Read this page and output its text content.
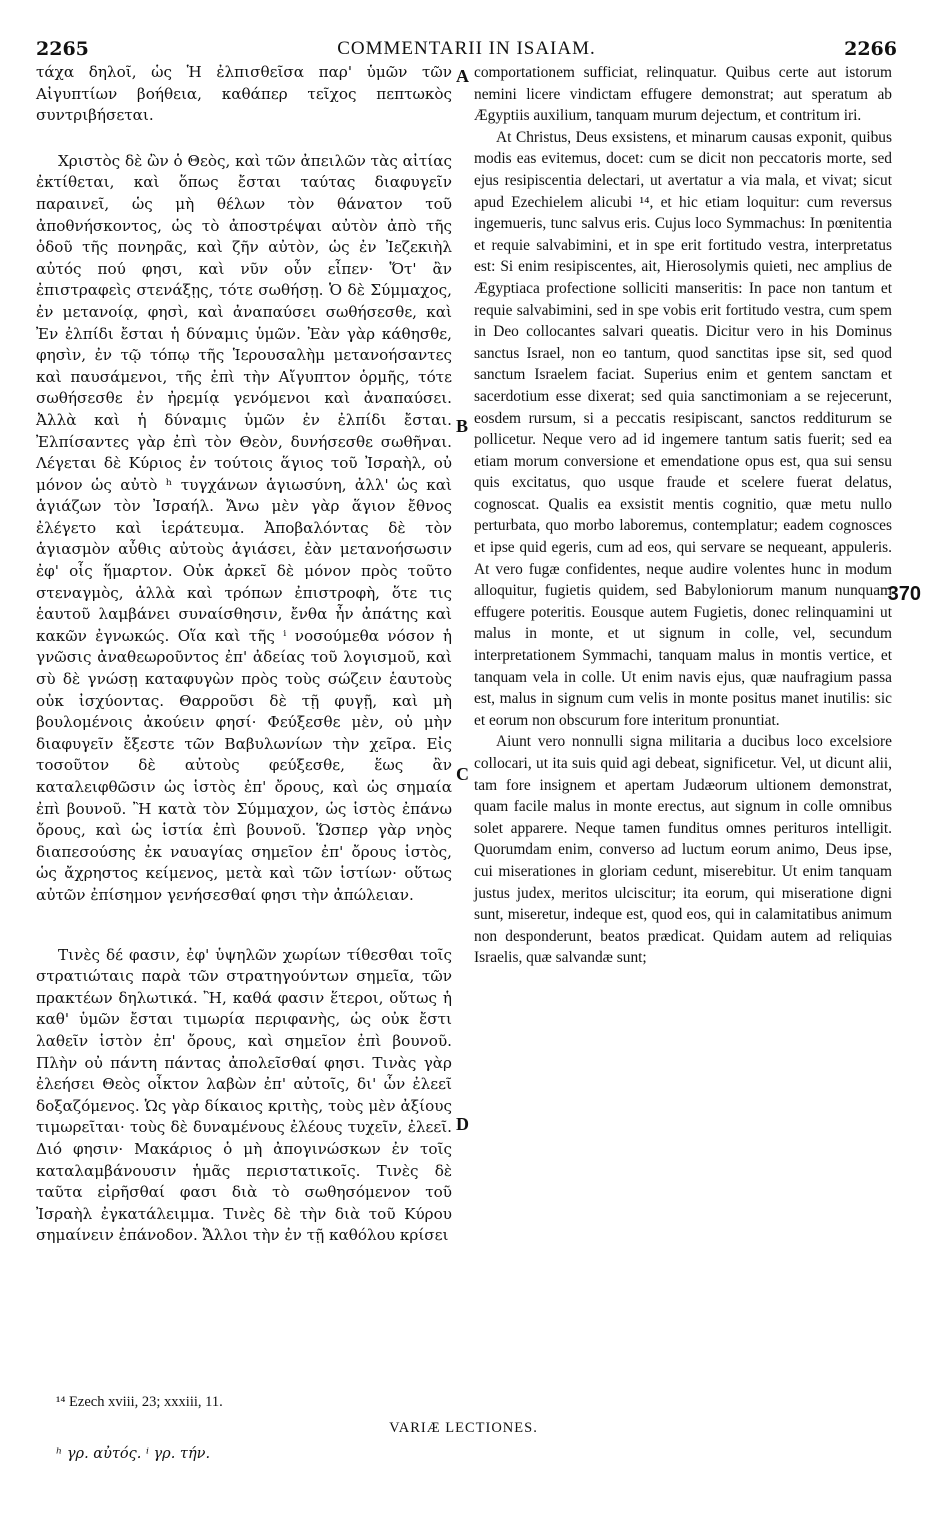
2265	COMMENTARII IN ISAIAM.	2266

τάχα δηλοῖ, ὡς Ἡ ἐλπισθεῖσα παρ' ὑμῶν τῶν Αἰγυπτίων βοήθεια, καθάπερ τεῖχος πεπτωκὸς συντριβήσεται.

Χριστὸς δὲ ὢν ὁ Θεὸς, καὶ τῶν ἀπειλῶν τὰς αἰτίας ἐκτίθεται, καὶ ὅπως ἔσται ταύτας διαφυγεῖν παραινεῖ, ὡς μὴ θέλων τὸν θάνατον τοῦ ἀποθνήσκοντος, ὡς τὸ ἀποστρέψαι αὐτὸν ἀπὸ τῆς ὁδοῦ τῆς πονηρᾶς, καὶ ζῆν αὐτὸν, ὡς ἐν Ἰεζεκιὴλ αὐτός πού φησι, καὶ νῦν οὖν εἶπεν· Ὅτ' ἂν ἐπιστραφεὶς στενάξῃς, τότε σωθήσῃ. Ὁ δὲ Σύμμαχος, ἐν μετανοίᾳ, φησὶ, καὶ ἀναπαύσει σωθήσεσθε, καὶ Ἐν ἐλπίδι ἔσται ἡ δύναμις ὑμῶν. Ἐὰν γὰρ κάθησθε, φησὶν, ἐν τῷ τόπῳ τῆς Ἱερουσαλὴμ μετανοήσαντες καὶ παυσάμενοι, τῆς ἐπὶ τὴν Αἴγυπτον ὁρμῆς, τότε σωθήσεσθε ἐν ἠρεμίᾳ γενόμενοι καὶ ἀναπαύσει. Ἀλλὰ καὶ ἡ δύναμις ὑμῶν ἐν ἐλπίδι ἔσται. Ἐλπίσαντες γὰρ ἐπὶ τὸν Θεὸν, δυνήσεσθε σωθῆναι. Λέγεται δὲ Κύριος ἐν τούτοις ἅγιος τοῦ Ἰσραὴλ, οὐ μόνον ὡς αὐτὸ ʰ τυγχάνων ἁγιωσύνη, ἀλλ' ὡς καὶ ἁγιάζων τὸν Ἰσραήλ. Ἄνω μὲν γὰρ ἅγιον ἔθνος ἐλέγετο καὶ ἱεράτευμα. Ἀποβαλόντας δὲ τὸν ἁγιασμὸν αὖθις αὐτοὺς ἁγιάσει, ἐὰν μετανοήσωσιν ἐφ' οἷς ἥμαρτον. Οὐκ ἀρκεῖ δὲ μόνον πρὸς τοῦτο στεναγμὸς, ἀλλὰ καὶ τρόπων ἐπιστροφὴ, ὅτε τις ἑαυτοῦ λαμβάνει συναίσθησιν, ἔνθα ἦν ἀπάτης καὶ κακῶν ἐγνωκώς. Οἵα καὶ τῆς ⁱ νοσούμεθα νόσον ἡ γνῶσις ἀναθεωροῦντος ἐπ' ἀδείας τοῦ λογισμοῦ, καὶ σὺ δὲ γνώσῃ καταφυγὼν πρὸς τοὺς σώζειν ἑαυτοὺς οὐκ ἰσχύοντας. Θαρροῦσι δὲ τῇ φυγῇ, καὶ μὴ βουλομένοις ἀκούειν φησί· Φεύξεσθε μὲν, οὐ μὴν διαφυγεῖν ἔξεστε τῶν Βαβυλωνίων τὴν χεῖρα. Εἰς τοσοῦτον δὲ αὐτοὺς φεύξεσθε, ἕως ἂν καταλειφθῶσιν ὡς ἱστὸς ἐπ' ὄρους, καὶ ὡς σημαία ἐπὶ βουνοῦ. Ἢ κατὰ τὸν Σύμμαχον, ὡς ἱστὸς ἐπάνω ὄρους, καὶ ὡς ἱστία ἐπὶ βουνοῦ. Ὥσπερ γὰρ νηὸς διαπεσούσης ἐκ ναυαγίας σημεῖον ἐπ' ὄρους ἱστὸς, ὡς ἄχρηστος κείμενος, μετὰ καὶ τῶν ἱστίων· οὕτως αὐτῶν ἐπίσημον γενήσεσθαί φησι τὴν ἀπώλειαν.

Τινὲς δέ φασιν, ἐφ' ὑψηλῶν χωρίων τίθεσθαι τοῖς στρατιώταις παρὰ τῶν στρατηγούντων σημεῖα, τῶν πρακτέων δηλωτικά. Ἢ, καθά φασιν ἕτεροι, οὕτως ἡ καθ' ὑμῶν ἔσται τιμωρία περιφανὴς, ὡς οὐκ ἔστι λαθεῖν ἱστὸν ἐπ' ὄρους, καὶ σημεῖον ἐπὶ βουνοῦ. Πλὴν οὐ πάντη πάντας ἀπολεῖσθαί φησι. Τινὰς γὰρ ἐλεήσει Θεὸς οἶκτον λαβὼν ἐπ' αὐτοῖς, δι' ὧν ἐλεεῖ δοξαζόμενος. Ὡς γὰρ δίκαιος κριτὴς, τοὺς μὲν ἀξίους τιμωρεῖται· τοὺς δὲ δυναμένους ἐλέους τυχεῖν, ἐλεεῖ. Διό φησιν· Μακάριος ὁ μὴ ἀπογινώσκων ἐν τοῖς καταλαμβάνουσιν ἡμᾶς περιστατικοῖς. Τινὲς δὲ ταῦτα εἰρῆσθαί φασι διὰ τὸ σωθησόμενον τοῦ Ἰσραὴλ ἐγκατάλειμμα. Τινὲς δὲ τὴν διὰ τοῦ Κύρου σημαίνειν ἐπάνοδον. Ἄλλοι τὴν ἐν τῇ καθόλου κρίσει

A
B
C
D

comportationem sufficiat, relinquatur. Quibus certe aut istorum nemini licere vindictam effugere demonstrat; aut speratum ab Ægyptiis auxilium, tanquam murum dejectum, et contritum iri.

At Christus, Deus exsistens, et minarum causas exponit, quibus modis eas evitemus, docet: cum se dicit non peccatoris morte, sed ejus resipiscentia delectari, ut avertatur a via mala, et vivat; sicut apud Ezechielem alicubi ¹⁴, et hic etiam loquitur: cum reversus ingemueris, tunc salvus eris. Cujus loco Symmachus: In pœnitentia et requie salvabimini, et in spe erit fortitudo vestra, interpretatus est: Si enim resipiscentes, ait, Hierosolymis quieti, nec amplius de Ægyptiaca profectione solliciti manseritis: In pace non tantum et requie salvabimini, sed in spe vobis erit fortitudo vestra, cum spem in Deo collocantes salvari queatis. Dicitur vero in his Dominus sanctus Israel, non eo tantum, quod sanctitas ipse sit, sed quod sanctum Israelem faciat. Superius enim et gentem sanctam et sacerdotium esse dixerat; sed quia sanctimoniam a se rejecerunt, eosdem rursum, si a peccatis resipiscant, sanctos redditurum se pollicetur. Neque vero ad id ingemere tantum satis fuerit; sed ea etiam morum conversione et emendatione opus est, qua sui sensu quis excitatus, quo usque fraude et scelere fuerat delatus, cognoscat. Qualis ea exsistit mentis cognitio, quæ metu nullo perturbata, quo morbo laboremus, contemplatur; eadem cognosces et ipse quid egeris, cum ad eos, qui servare se nequeant, appuleris. At vero fugæ confidentes, neque audire volentes hunc in modum alloquitur, fugietis quidem, sed Babyloniorum manum nunquam effugere poteritis. Eousque autem Fugietis, donec relinquamini ut malus in monte, et ut signum in colle, vel, secundum interpretationem Symmachi, tanquam malus in montis vertice, et tanquam vela in colle. Ut enim navis ejus, quæ naufragium passa est, malus in signum cum velis in monte positus manet inutilis: sic et eorum non obscurum fore interitum pronuntiat.

Aiunt vero nonnulli signa militaria a ducibus loco excelsiore collocari, ut ita suis quid agi debeat, significetur. Vel, ut dicunt alii, tam fore insignem et apertam Judæorum ultionem demonstrat, quam facile malus in monte erectus, aut signum in colle omnibus solet apparere. Neque tamen funditus omnes perituros intelligit. Quorumdam enim, converso ad luctum eorum animo, Deus ipse, cui miserationes in gloriam cedunt, miserebitur. Ut enim tanquam justus judex, meritos ulciscitur; ita eorum, qui miseratione digni sunt, miseretur, indeque est, quod eos, qui in calamitatibus animum non desponderunt, beatos prædicat. Quidam autem ad reliquias Israelis, quæ salvandæ sunt;

370
¹⁴ Ezech xviii, 23; xxxiii, 11.
VARIÆ LECTIONES.
ʰ γρ. αὐτός. ⁱ γρ. τήν.
